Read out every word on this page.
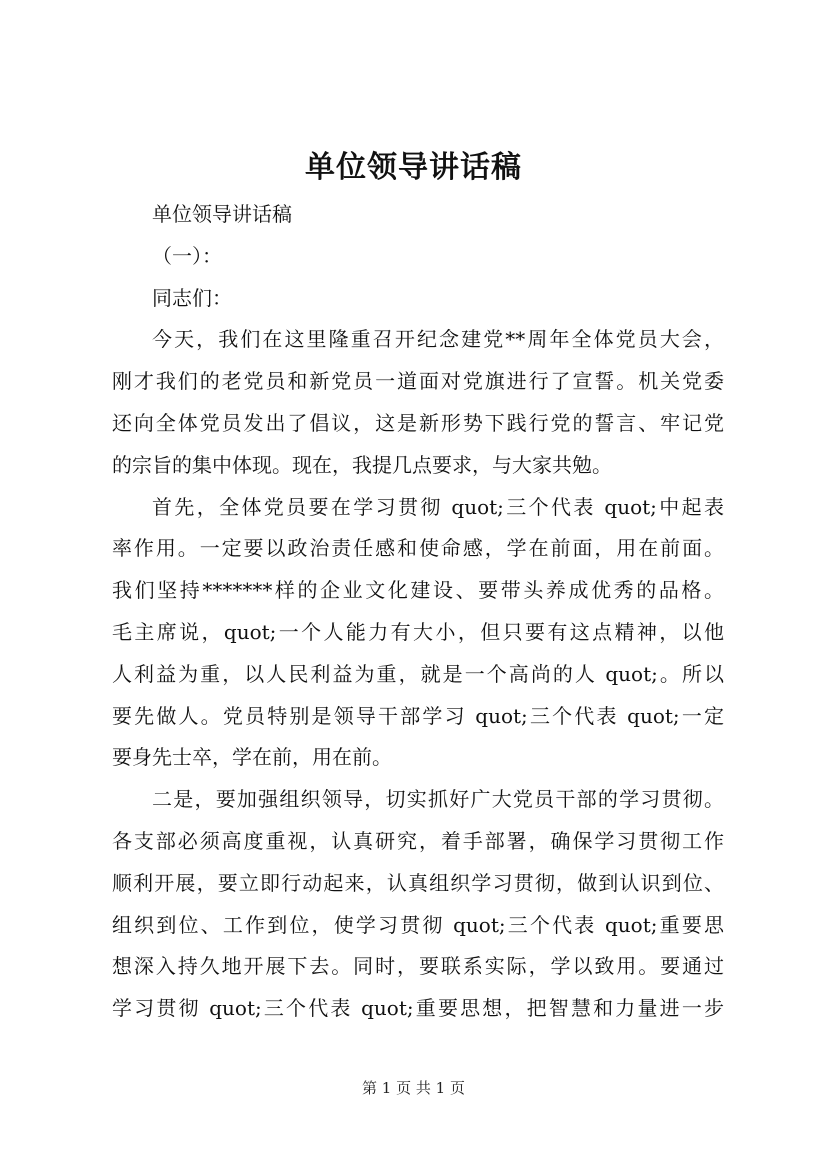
单位领导讲话稿
单位领导讲话稿
（一）：
同志们：
今天，我们在这里隆重召开纪念建党**周年全体党员大会，
刚才我们的老党员和新党员一道面对党旗进行了宣誓。机关党委
还向全体党员发出了倡议，这是新形势下践行党的誓言、牢记党
的宗旨的集中体现。现在，我提几点要求，与大家共勉。
首先，全体党员要在学习贯彻 quot;三个代表 quot;中起表
率作用。一定要以政治责任感和使命感，学在前面，用在前面。
我们坚持*******样的企业文化建设、要带头养成优秀的品格。
毛主席说，quot;一个人能力有大小，但只要有这点精神，以他
人利益为重，以人民利益为重，就是一个高尚的人 quot;。所以
要先做人。党员特别是领导干部学习 quot;三个代表 quot;一定
要身先士卒，学在前，用在前。
二是，要加强组织领导，切实抓好广大党员干部的学习贯彻。
各支部必须高度重视，认真研究，着手部署，确保学习贯彻工作
顺利开展，要立即行动起来，认真组织学习贯彻，做到认识到位、
组织到位、工作到位，使学习贯彻 quot;三个代表 quot;重要思
想深入持久地开展下去。同时，要联系实际，学以致用。要通过
学习贯彻 quot;三个代表 quot;重要思想，把智慧和力量进一步
第 1 页 共 1 页
